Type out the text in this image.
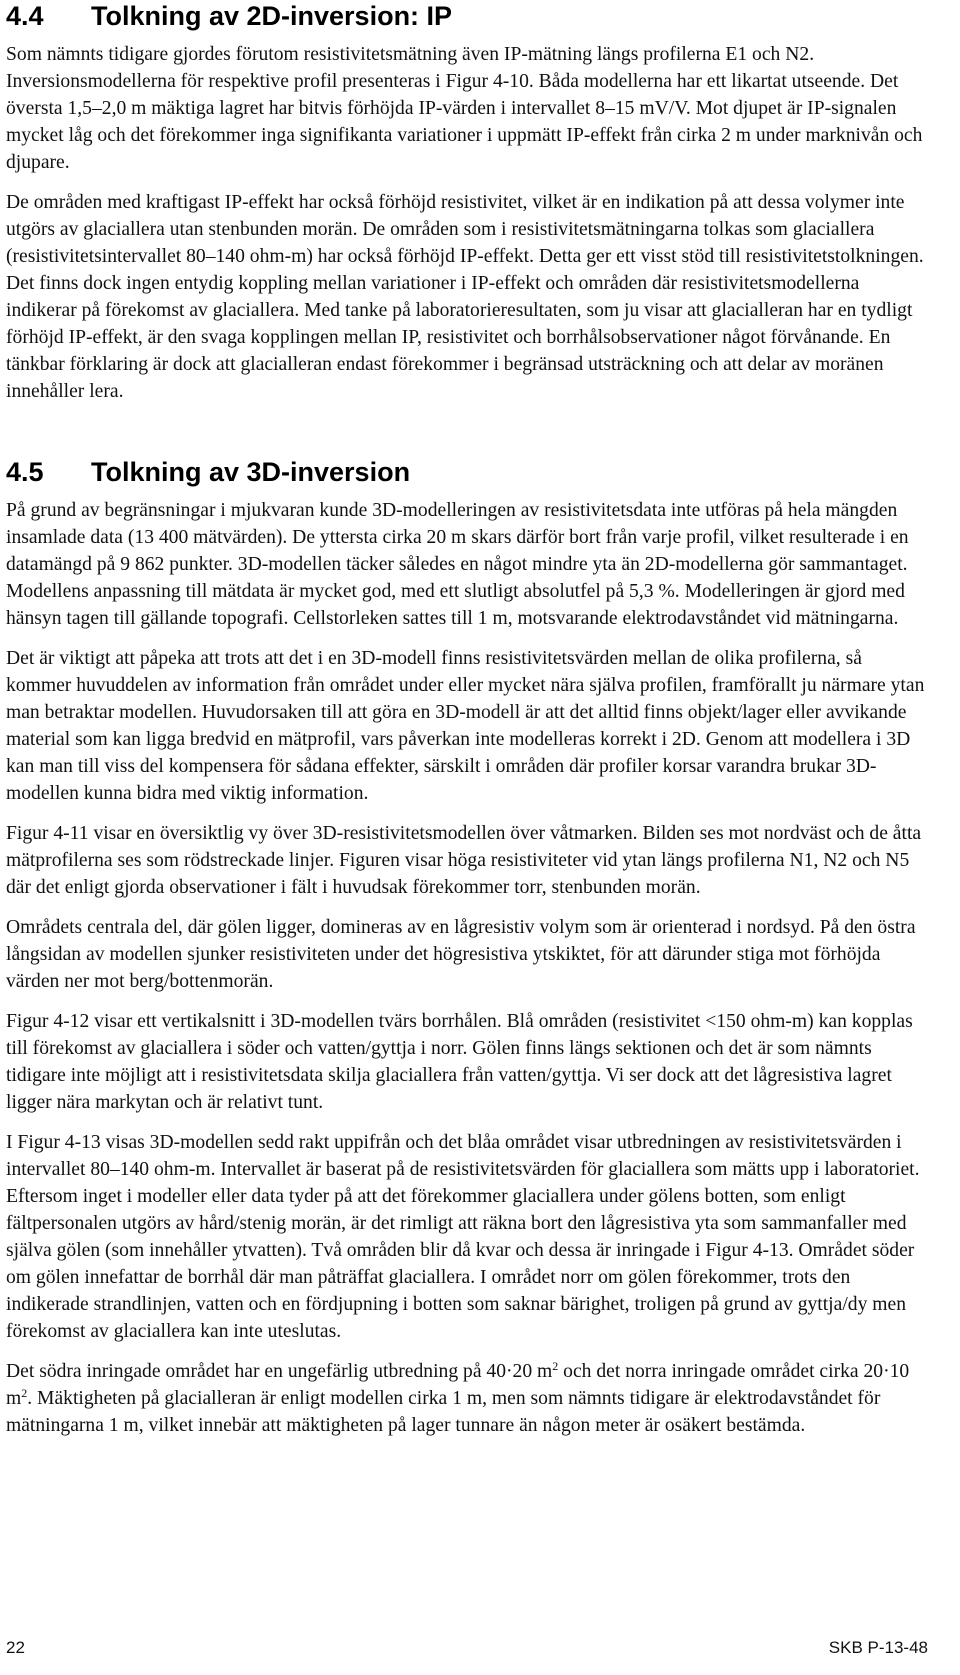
4.4 Tolkning av 2D-inversion: IP

Som nämnts tidigare gjordes förutom resistivitetsmätning även IP-mätning längs profilerna E1 och N2. Inversionsmodellerna för respektive profil presenteras i Figur 4-10. Båda modellerna har ett likartat utseende. Det översta 1,5–2,0 m mäktiga lagret har bitvis förhöjda IP-värden i intervallet 8–15 mV/V. Mot djupet är IP-signalen mycket låg och det förekommer inga signifikanta variationer i uppmätt IP-effekt från cirka 2 m under marknivån och djupare.

De områden med kraftigast IP-effekt har också förhöjd resistivitet, vilket är en indikation på att dessa volymer inte utgörs av glaciallera utan stenbunden morän. De områden som i resistivitetsmätningarna tolkas som glaciallera (resistivitetsintervallet 80–140 ohm-m) har också förhöjd IP-effekt. Detta ger ett visst stöd till resistivitetstolkningen. Det finns dock ingen entydig koppling mellan variationer i IP-effekt och områden där resistivitetsmodellerna indikerar på förekomst av glaciallera. Med tanke på laboratorieresultaten, som ju visar att glacialleran har en tydligt förhöjd IP-effekt, är den svaga kopplingen mellan IP, resistivitet och borrhålsobservationer något förvånande. En tänkbar förklaring är dock att glacialleran endast förekommer i begränsad utsträckning och att delar av moränen innehåller lera.

4.5 Tolkning av 3D-inversion

På grund av begränsningar i mjukvaran kunde 3D-modelleringen av resistivitetsdata inte utföras på hela mängden insamlade data (13 400 mätvärden). De yttersta cirka 20 m skars därför bort från varje profil, vilket resulterade i en datamängd på 9 862 punkter. 3D-modellen täcker således en något mindre yta än 2D-modellerna gör sammantaget. Modellens anpassning till mätdata är mycket god, med ett slutligt absolutfel på 5,3 %. Modelleringen är gjord med hänsyn tagen till gällande topografi. Cellstorleken sattes till 1 m, motsvarande elektrodavståndet vid mätningarna.

Det är viktigt att påpeka att trots att det i en 3D-modell finns resistivitetsvärden mellan de olika profilerna, så kommer huvuddelen av information från området under eller mycket nära själva profilen, framförallt ju närmare ytan man betraktar modellen. Huvudorsaken till att göra en 3D-modell är att det alltid finns objekt/lager eller avvikande material som kan ligga bredvid en mätprofil, vars påverkan inte modelleras korrekt i 2D. Genom att modellera i 3D kan man till viss del kompensera för sådana effekter, särskilt i områden där profiler korsar varandra brukar 3D-modellen kunna bidra med viktig information.

Figur 4-11 visar en översiktlig vy över 3D-resistivitetsmodellen över våtmarken. Bilden ses mot nordväst och de åtta mätprofilerna ses som rödstreckade linjer. Figuren visar höga resistiviteter vid ytan längs profilerna N1, N2 och N5 där det enligt gjorda observationer i fält i huvudsak förekommer torr, stenbunden morän.

Områdets centrala del, där gölen ligger, domineras av en lågresistiv volym som är orienterad i nordsyd. På den östra långsidan av modellen sjunker resistiviteten under det högresistiva ytskiktet, för att därunder stiga mot förhöjda värden ner mot berg/bottenmorän.

Figur 4-12 visar ett vertikalsnitt i 3D-modellen tvärs borrhålen. Blå områden (resistivitet <150 ohm-m) kan kopplas till förekomst av glaciallera i söder och vatten/gyttja i norr. Gölen finns längs sektionen och det är som nämnts tidigare inte möjligt att i resistivitetsdata skilja glaciallera från vatten/gyttja. Vi ser dock att det lågresistiva lagret ligger nära markytan och är relativt tunt.

I Figur 4-13 visas 3D-modellen sedd rakt uppifrån och det blåa området visar utbredningen av resistivitetsvärden i intervallet 80–140 ohm-m. Intervallet är baserat på de resistivitetsvärden för glaciallera som mätts upp i laboratoriet. Eftersom inget i modeller eller data tyder på att det förekommer glaciallera under gölens botten, som enligt fältpersonalen utgörs av hård/stenig morän, är det rimligt att räkna bort den lågresistiva yta som sammanfaller med själva gölen (som innehåller ytvatten). Två områden blir då kvar och dessa är inringade i Figur 4-13. Området söder om gölen innefattar de borrhål där man påträffat glaciallera. I området norr om gölen förekommer, trots den indikerade strandlinjen, vatten och en fördjupning i botten som saknar bärighet, troligen på grund av gyttja/dy men förekomst av glaciallera kan inte uteslutas.

Det södra inringade området har en ungefärlig utbredning på 40·20 $m^2$ och det norra inringade området cirka 20·10 $m^2$. Mäktigheten på glacialleran är enligt modellen cirka 1 m, men som nämnts tidigare är elektrodavståndet för mätningarna 1 m, vilket innebär att mäktigheten på lager tunnare än någon meter är osäkert bestämda.

22	SKB P-13-48
